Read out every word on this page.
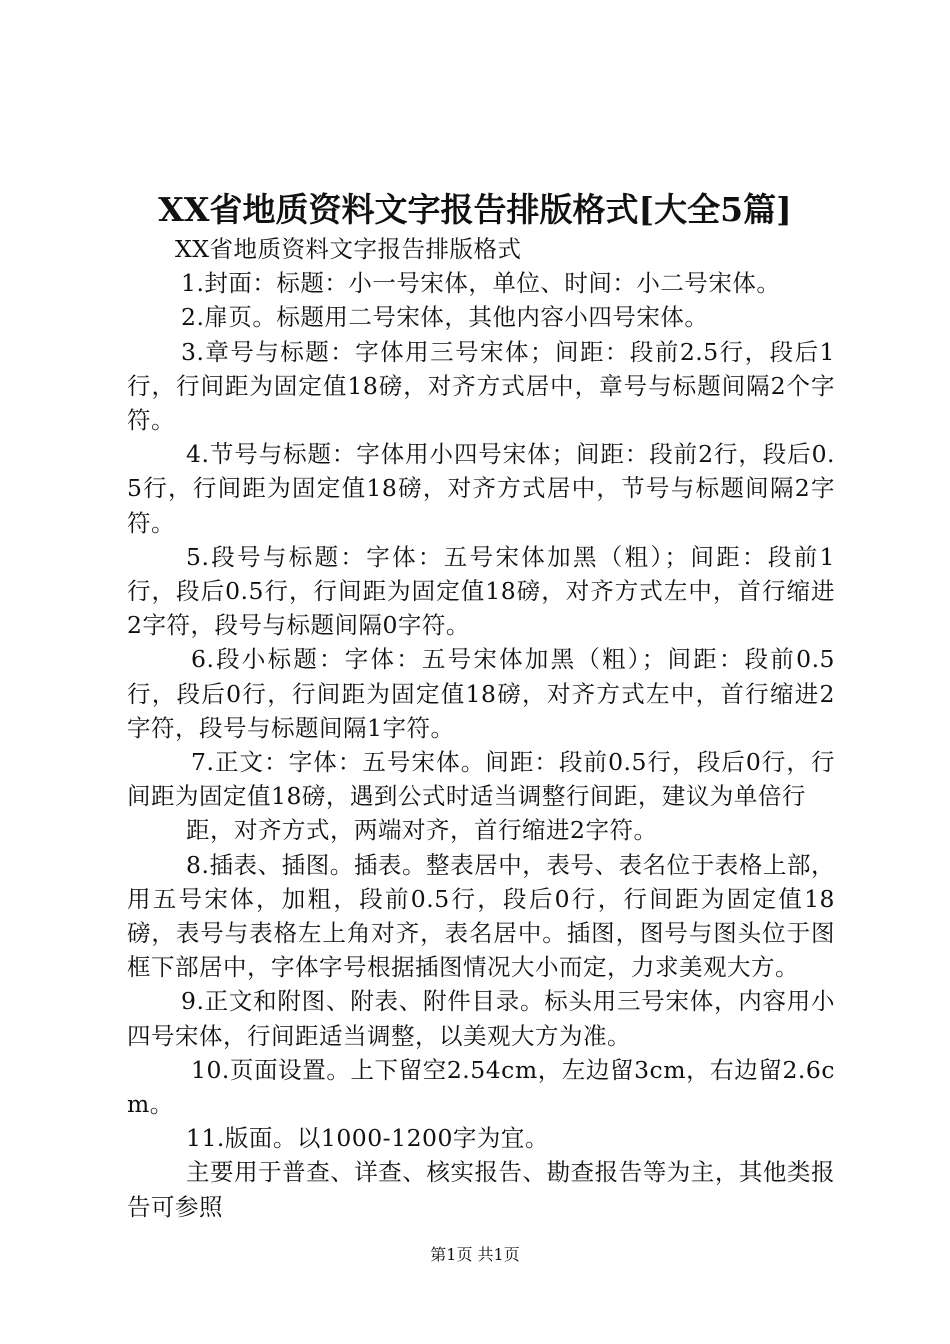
XX省地质资料文字报告排版格式[大全5篇]

XX省地质资料文字报告排版格式

1.封面：标题：小一号宋体，单位、时间：小二号宋体。

2.扉页。标题用二号宋体，其他内容小四号宋体。

3.章号与标题：字体用三号宋体；间距：段前2.5行，段后1行，行间距为固定值18磅，对齐方式居中，章号与标题间隔2个字符。

4.节号与标题：字体用小四号宋体；间距：段前2行，段后0.5行，行间距为固定值18磅，对齐方式居中，节号与标题间隔2字符。

5.段号与标题：字体：五号宋体加黑（粗）；间距：段前1行，段后0.5行，行间距为固定值18磅，对齐方式左中，首行缩进2字符，段号与标题间隔0字符。

6.段小标题：字体：五号宋体加黑（粗）；间距：段前0.5行，段后0行，行间距为固定值18磅，对齐方式左中，首行缩进2字符，段号与标题间隔1字符。

7.正文：字体：五号宋体。间距：段前0.5行，段后0行，行间距为固定值18磅，遇到公式时适当调整行间距，建议为单倍行

距，对齐方式，两端对齐，首行缩进2字符。

8.插表、插图。插表。整表居中，表号、表名位于表格上部，用五号宋体，加粗，段前0.5行，段后0行，行间距为固定值18磅，表号与表格左上角对齐，表名居中。插图，图号与图头位于图框下部居中，字体字号根据插图情况大小而定，力求美观大方。

9.正文和附图、附表、附件目录。标头用三号宋体，内容用小四号宋体，行间距适当调整，以美观大方为准。

10.页面设置。上下留空2.54cm，左边留3cm，右边留2.6cm。

11.版面。以1000-1200字为宜。

主要用于普查、详查、核实报告、勘查报告等为主，其他类报告可参照

第1页 共1页
